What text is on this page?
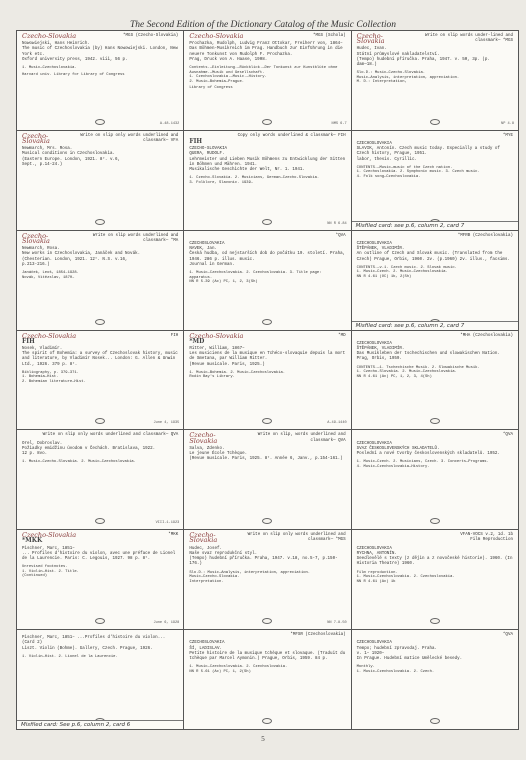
The Second Edition of the Dictionary Catalog of the Music Collection
Czecho-Slovakia	*MGS (Czecho-Slovakia)
Nowowiejski, Hans Heinrich.
The music of Czechoslovakia (by) Hans Nowowiejski. London, New York etc.
Oxford university press, 1942. viii, 56 p.
1. Music—Czechoslovakia.
Harvard univ. Library for Library of Congress
A-48-1432
Czecho-Slovakia	*MGS (Schola)
Prochazka, Rudolph, Ludvig Franz Ottokar, Freiherr von, 1864–
Das Böhmen-Musikreich im Prag. Handbuch zur Einführung in die neuere Tonkunst von Rudolph F. Prochazka.
Prag, Druck von A. Haase, 1908.
Contents.—Einleitung.—Rückblick.—Der Tonkunst zur Kunstblüte ohne Ausnahme.—Musik und Gesellschaft.
1. Czechoslovakia.—Music.—History.
2. Music—Bohemia—Prague.
Library of Congress
NMS 6-7
Czecho-Slovakia
Write on slip words under-lined and classmark— *MGS
Hudec, Ivan.
Státní průmyslové nakladatelství.
(Tempo) hudební příručka. Praha, 1947. v. 50, 3p. (p.
dam—18.)
Slo.D.: Music—Czecho-Slovakia.
Music—Analysis, interpretation, appreciation.
M. D.: Interpretation,
NP 4.8
Czecho-Slovakia
Write on slip only words underlined and classmark— VFA
Newmarch, Mrs. Rosa.
Musical conditions in Czechoslovakia.
(Eastern Europe. London, 1921. 8°. v.6,
Sept., p.14-24.)
Copy only words underlined & classmark— FIH
FIH
CZECHO-SLOVAKIA
QUERA, RUDOLF.
Lehrmeister und Lieben Musik Böhmens zu Entwicklung der Sitten in Böhmen und Mähren. 1941.
Musikalische Geschichte der Welt, Nr. 1. 1941.
1. Czecho-Slovakia. 2. Musicians, German—Czecho-Slovakia.
3. Folklore, Slavonic. 1939–
NN R 6.84
*MYE
CZECHOSLOVAKIA
SLAVIK, Antonín. Czech music today. Especially a study of Czech history, Prague, 1951.
labor, thesis. Cyrillic.
CONTENTS.—Music—music of the Czech nation.
1. Czechoslovakia. 2. Symphonic music. 3. Czech music.
4. Folk song—Czechoslovakia.
Misfiled card: see p.6, column 2, card 7
Czecho-Slovakia
Write on slip words underlined and classmark— *MA
Newmarch, Rosa.
New works in Czechoslovakia, Janáček and Novák.
(Chesterian. London, 1921. 12°. N.S. v.16,
p.213-216.)
Janáček, Leoš, 1854–1928.
Novák, Vítězslav, 1870–
*QVA
CZECHOSLOVAKIA
NAVEK, Jan.
Česká hudba, od nejstarších dob do počátku 19. století. Praha, 1946. 286 p. illus. music.
Journal in German.
1. Music—Czechoslovakia. 2. Czechoslovakia. 3. Title page: apparatus.
NN R 5.39 (Ac) PC, 1, 2, 3(Sh)
*MFRB (Czechoslovakia)
CZECHOSLOVAKIA
ŠTĚPÁNEK, VLADIMÍR.
An outline of Czech and Slovak music. (Translated from the Czech) Prague, Orbis, 1960. 2v. (p.1960) 2v. illus., facsims.
CONTENTS.—v.1. Czech music. 2. Slovak music.
1. Music—Czech. 2. Music—Czechoslovakia.
NN R 4.61 (OC) 1b, 2(Sh)
Misfiled card: see p.6, column 2, card 7
Czecho-Slovakia	FIH
FIH
Nosek, Vladimír.
The spirit of Bohemia: a survey of Czechoslovak history, music and literature, by Vladimír Nosek... London: G. Allen & Unwin Ltd., 1926. 379 p. 8°.
Bibliography, p. 379–371.
1. Bohemia—Hist.
2. Bohemian literature—Hist.
June 4, 1935
Czecho-Slovakia	*MD
*MD
Ritter, William, 1867–
Les musiciens de la musique en Tchéco-slovaquie depuis la mort de Smetana, par William Ritter.
(Revue musicale. Paris, 1925.)
1. Music—Bohemia. 2. Music—Czechoslovakia.
Rodin Bay's Library.
A-49-1440
*MHA (Czechoslovakia)
CZECHOSLOVAKIA
ŠTĚPÁNEK, VLADIMÍR.
Das Musikleben der tschechischen und slowakischen Nation. Prag, Orbis, 1959.
CONTENTS.—1. Tschechische Musik. 2. Slowakische Musik.
1. Czecho-Slovakia. 2. Music—Czechoslovakia.
NN R 4.61 (Ac) PC, 1, 2, 3, 4(Sh)
Write on slip only words underlined and classmark— QVA
Orel, Dobroslav.
Požiadky emidžinu úvodom v Čechách. Bratislava, 1922.
12 p. 8vo.
1. Music—Czecho-Slovakia. 2. Music—Czechoslovakia.
VIII-1-1923
Czecho-Slovakia
Write on slip, words underlined and classmark— QVA
Salva, Zdenko.
Le jeune École Tchèque.
(Revue musicale. Paris, 1925. 8°. Année 6, Janv., p.154-161.)
*QVA
CZECHOSLOVAKIA
SVAZ ČESKOSLOVENSKÝCH SKLADATELŮ.
Poslední a nové tvorby československých skladatelů. 1952.
1. Music—Czech. 2. Musicians, Czech. 3. Concerts—Programs.
4. Music—Czechoslovakia—History.
Czecho-Slovakia	*MKK
*MKK
Pischner, Marc, 1851–
... Profiles d'histoire du violon, avec une préface de Lionel de la Laurencie. Paris: C. Legouis, 1927. 98 p. 8°.
Unrevised footnotes.
1. Violin—Hist. 2. Title.
(Continued)
June 6, 1928
Czecho-Slovakia
Write on slip only words underlined and classmark— *MGS
Hudec, Josef.
Naše svaz reprodukční styl.
(Tempo) hudební příručka. Praha, 1947. v.18, no.5-7, p.150-176.)
Slo.D.: Music—Analysis, interpretation, appreciation.
Music—Czecho-Slovakia.
Interpretation.
NN 7-8-50
VFAN-VOCS v.2, 1d. 1b
Film Reproduction
CZECHOSLOVAKIA
RYCHNA, ANTONÍN.
Seedlevělé s texty (z dějin a z novočeské historie). 1960. (In Historia Theatre) 1960.
Film reproduction.
1. Music—Czechoslovakia. 2. Czechoslovakia.
NN R 4.61 (Ac) 1b
Pischner, Marc, 1851– ...Profiles d'histoire du violon... (Card 2)
Liszt. Violin (Bohme). Gallery, Czech. Prague, 1926.
1. Violin—Hist. 2. Lionel de la Laurencie.
Misfiled card: See p.6, column 2, card 6
*MFSR (Czechoslovakia)
CZECHOSLOVAKIA
ŠÍ, LADISLAV.
Petite histoire de la musique tchèque et slovaque. (Traduit du tchèque par Marcel Aymonin.) Prague, Orbis, 1959. 84 p.
1. Music—Czechoslovakia. 2. Czechoslovakia.
NN R 5.61 (Ac) PC, 1, 2(Sh)
*QVA
CZECHOSLOVAKIA
Tempo; hudební zpravodaj. Praha.
v. 1– 1920–
In Prague. Hudební matice Umělecké besedy.
Monthly.
1. Music—Czechoslovakia. 2. Czech.
5
